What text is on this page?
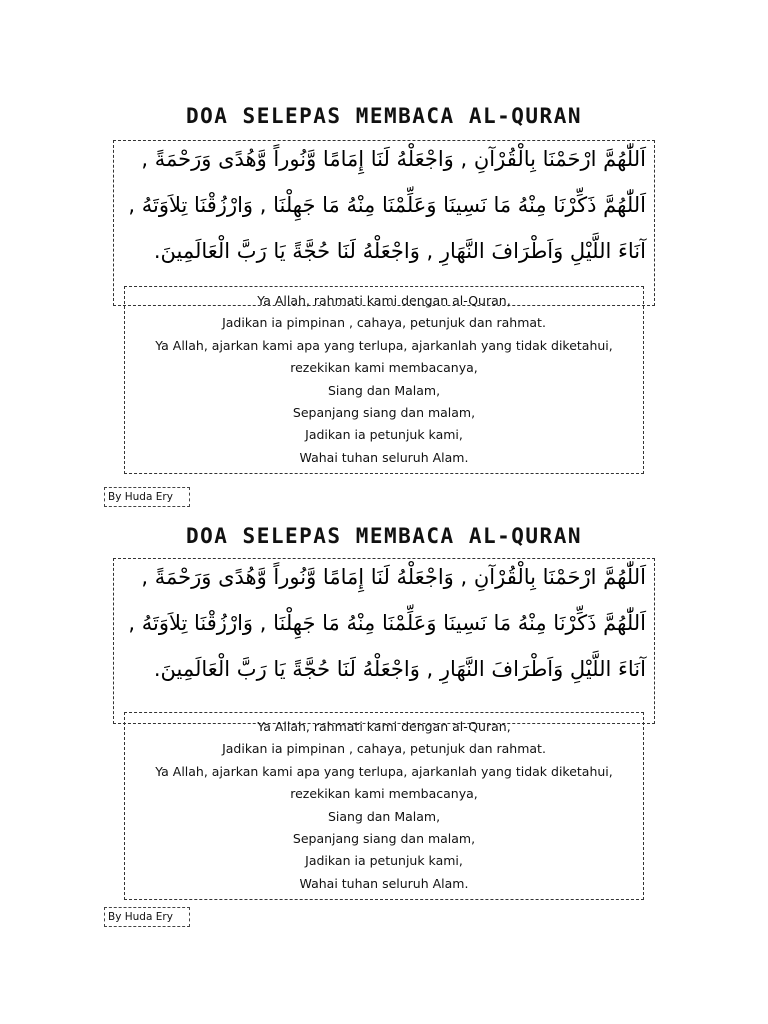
DOA SELEPAS MEMBACA AL-QURAN
اَللّٰهُمَّ ارْحَمْنَا بِالْقُرْآنِ , وَاجْعَلْهُ لَنَا إِمَامًا وَّنُوراً وَّهُدًى وَرَحْمَةً ,
اَللّٰهُمَّ ذَكِّرْنَا مِنْهُ مَا نَسِينَا وَعَلِّمْنَا مِنْهُ مَا جَهِلْنَا , وَارْزُقْنَا تِلاَوَتَهُ ,
آنَاءَ اللَّيْلِ وَاَطْرَافَ النَّهَارِ , وَاجْعَلْهُ لَنَا حُجَّةً يَا رَبَّ الْعَالَمِينَ.
Ya Allah, rahmati kami dengan al-Quran,
Jadikan ia pimpinan , cahaya, petunjuk dan rahmat.
Ya Allah, ajarkan kami apa yang terlupa, ajarkanlah yang tidak diketahui,
rezekikan kami membacanya,
Siang dan Malam,
Sepanjang siang dan malam,
Jadikan ia petunjuk kami,
Wahai tuhan seluruh Alam.
By Huda Ery
DOA SELEPAS MEMBACA AL-QURAN
اَللّٰهُمَّ ارْحَمْنَا بِالْقُرْآنِ , وَاجْعَلْهُ لَنَا إِمَامًا وَّنُوراً وَّهُدًى وَرَحْمَةً ,
اَللّٰهُمَّ ذَكِّرْنَا مِنْهُ مَا نَسِينَا وَعَلِّمْنَا مِنْهُ مَا جَهِلْنَا , وَارْزُقْنَا تِلاَوَتَهُ ,
آنَاءَ اللَّيْلِ وَاَطْرَافَ النَّهَارِ , وَاجْعَلْهُ لَنَا حُجَّةً يَا رَبَّ الْعَالَمِينَ.
Ya Allah, rahmati kami dengan al-Quran,
Jadikan ia pimpinan , cahaya, petunjuk dan rahmat.
Ya Allah, ajarkan kami apa yang terlupa, ajarkanlah yang tidak diketahui,
rezekikan kami membacanya,
Siang dan Malam,
Sepanjang siang dan malam,
Jadikan ia petunjuk kami,
Wahai tuhan seluruh Alam.
By Huda Ery
